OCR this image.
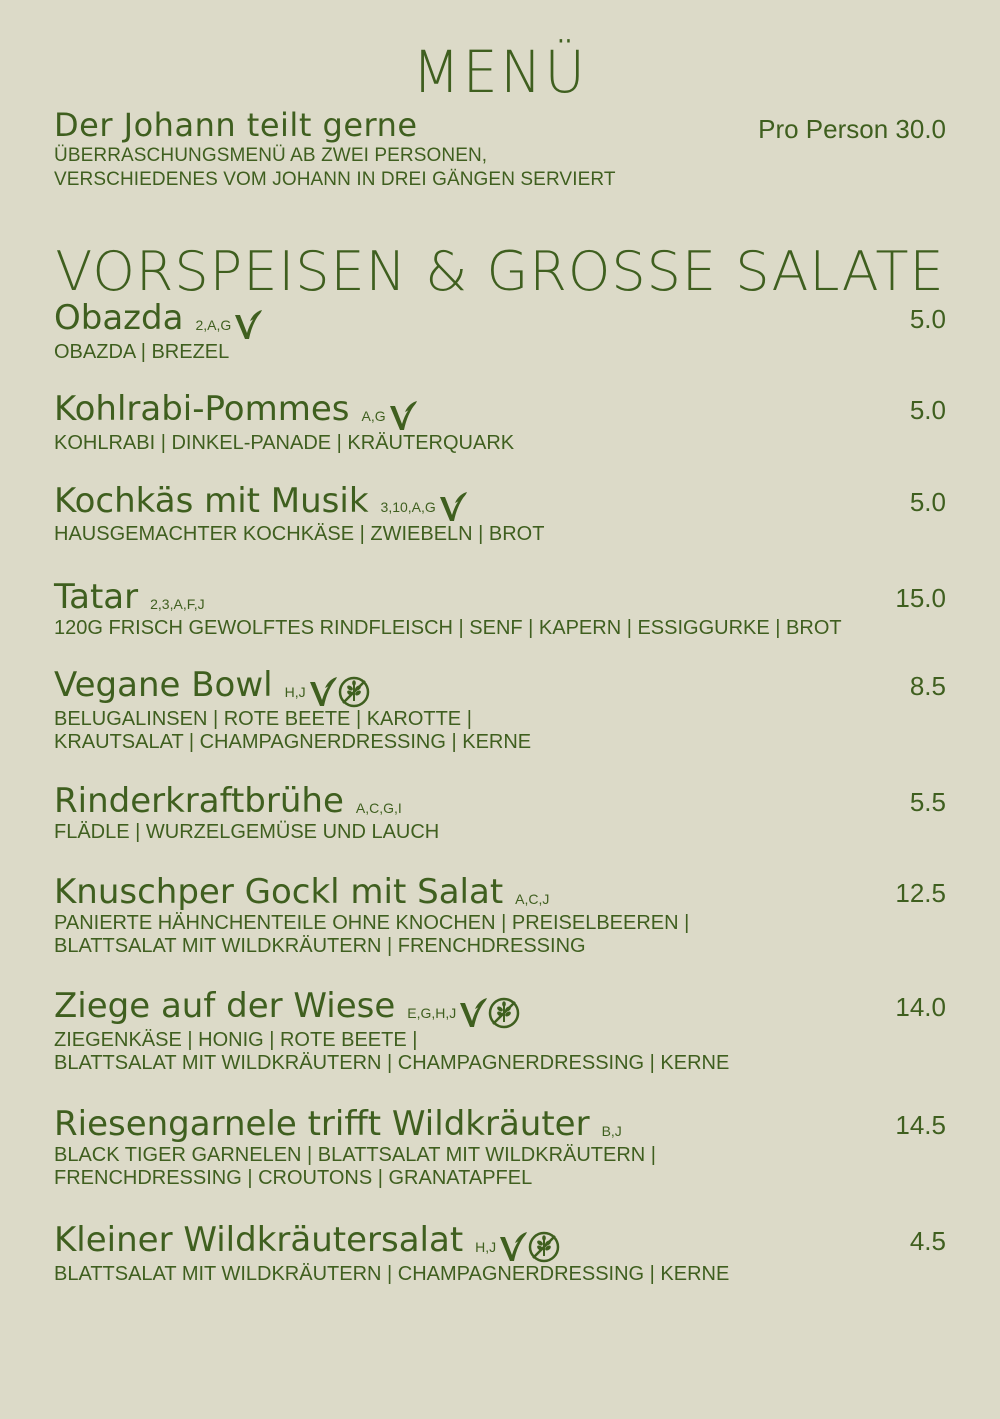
MENÜ
Der Johann teilt gerne
ÜBERRASCHUNGSMENÜ AB ZWEI PERSONEN,
VERSCHIEDENES VOM JOHANN IN DREI GÄNGEN SERVIERT
Pro Person 30.0
VORSPEISEN & GROSSE SALATE
Obazda 2,A,G
OBAZDA | BREZEL
5.0
Kohlrabi-Pommes A,G
KOHLRABI | DINKEL-PANADE | KRÄUTERQUARK
5.0
Kochkäs mit Musik 3,10,A,G
HAUSGEMACHTER KOCHKÄSE | ZWIEBELN | BROT
5.0
Tatar 2,3,A,F,J
120G FRISCH GEWOLFTES RINDFLEISCH | SENF | KAPERN | ESSIGGURKE | BROT
15.0
Vegane Bowl H,J
BELUGALINSEN | ROTE BEETE | KAROTTE |
KRAUTSALAT | CHAMPAGNERDRESSING | KERNE
8.5
Rinderkraftbrühe A,C,G,I
FLÄDLE | WURZELGEMÜSE UND LAUCH
5.5
Knuschper Gockl mit Salat A,C,J
PANIERTE HÄHNCHENTEILE OHNE KNOCHEN | PREISELBEEREN |
BLATTSALAT MIT WILDKRÄUTERN | FRENCHDRESSING
12.5
Ziege auf der Wiese E,G,H,J
ZIEGENKÄSE | HONIG | ROTE BEETE |
BLATTSALAT MIT WILDKRÄUTERN | CHAMPAGNERDRESSING | KERNE
14.0
Riesengarnele trifft Wildkräuter B,J
BLACK TIGER GARNELEN | BLATTSALAT MIT WILDKRÄUTERN |
FRENCHDRESSING | CROUTONS | GRANATAPFEL
14.5
Kleiner Wildkräutersalat H,J
BLATTSALAT MIT WILDKRÄUTERN | CHAMPAGNERDRESSING | KERNE
4.5
